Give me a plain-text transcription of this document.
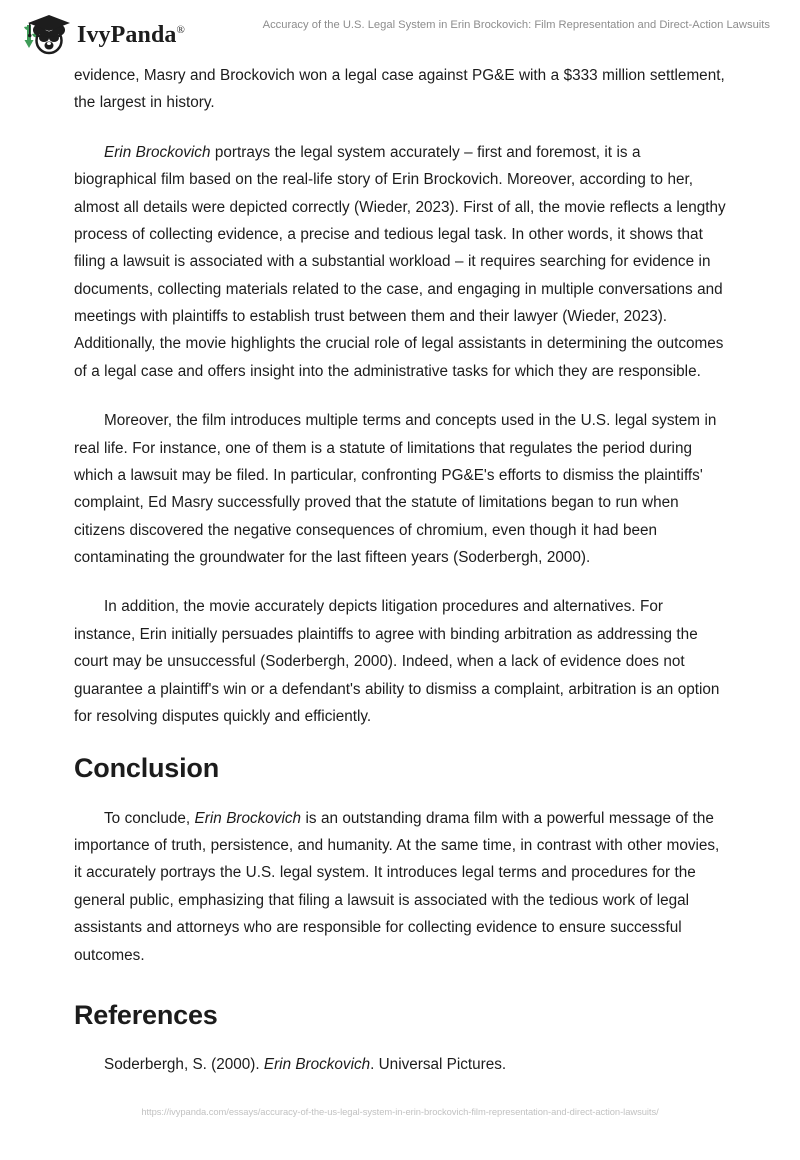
IvyPanda®	Accuracy of the U.S. Legal System in Erin Brockovich: Film Representation and Direct-Action Lawsuits

evidence, Masry and Brockovich won a legal case against PG&E with a $333 million settlement, the largest in history.

Erin Brockovich portrays the legal system accurately – first and foremost, it is a biographical film based on the real-life story of Erin Brockovich. Moreover, according to her, almost all details were depicted correctly (Wieder, 2023). First of all, the movie reflects a lengthy process of collecting evidence, a precise and tedious legal task. In other words, it shows that filing a lawsuit is associated with a substantial workload – it requires searching for evidence in documents, collecting materials related to the case, and engaging in multiple conversations and meetings with plaintiffs to establish trust between them and their lawyer (Wieder, 2023). Additionally, the movie highlights the crucial role of legal assistants in determining the outcomes of a legal case and offers insight into the administrative tasks for which they are responsible.

Moreover, the film introduces multiple terms and concepts used in the U.S. legal system in real life. For instance, one of them is a statute of limitations that regulates the period during which a lawsuit may be filed. In particular, confronting PG&E's efforts to dismiss the plaintiffs' complaint, Ed Masry successfully proved that the statute of limitations began to run when citizens discovered the negative consequences of chromium, even though it had been contaminating the groundwater for the last fifteen years (Soderbergh, 2000).

In addition, the movie accurately depicts litigation procedures and alternatives. For instance, Erin initially persuades plaintiffs to agree with binding arbitration as addressing the court may be unsuccessful (Soderbergh, 2000). Indeed, when a lack of evidence does not guarantee a plaintiff's win or a defendant's ability to dismiss a complaint, arbitration is an option for resolving disputes quickly and efficiently.

Conclusion

To conclude, Erin Brockovich is an outstanding drama film with a powerful message of the importance of truth, persistence, and humanity. At the same time, in contrast with other movies, it accurately portrays the U.S. legal system. It introduces legal terms and procedures for the general public, emphasizing that filing a lawsuit is associated with the tedious work of legal assistants and attorneys who are responsible for collecting evidence to ensure successful outcomes.

References

Soderbergh, S. (2000). Erin Brockovich. Universal Pictures.

https://ivypanda.com/essays/accuracy-of-the-us-legal-system-in-erin-brockovich-film-representation-and-direct-action-lawsuits/
